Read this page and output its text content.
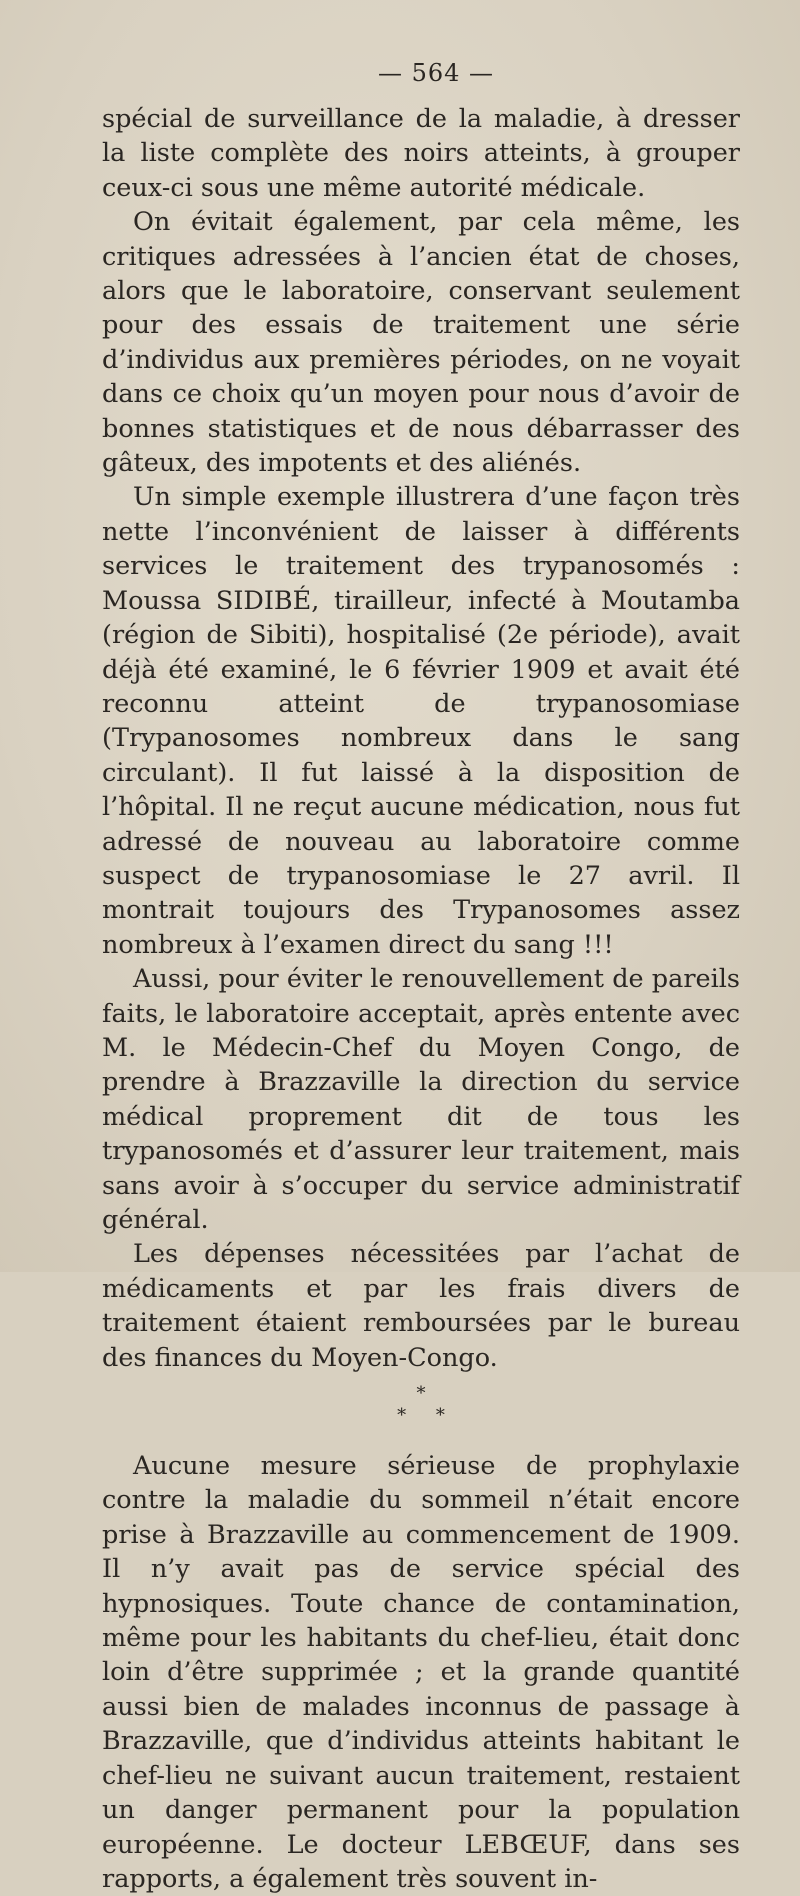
— 564 —

spécial de surveillance de la maladie, à dresser la liste complète des noirs atteints, à grouper ceux-ci sous une même autorité médicale.

On évitait également, par cela même, les critiques adressées à l’ancien état de choses, alors que le laboratoire, conservant seulement pour des essais de traitement une série d’individus aux premières périodes, on ne voyait dans ce choix qu’un moyen pour nous d’avoir de bonnes statistiques et de nous débarrasser des gâteux, des impotents et des aliénés.

Un simple exemple illustrera d’une façon très nette l’inconvénient de laisser à différents services le traitement des trypanosomés : Moussa SIDIBÉ, tirailleur, infecté à Moutamba (région de Sibiti), hospitalisé (2e période), avait déjà été examiné, le 6 février 1909 et avait été reconnu atteint de trypanosomiase (Trypanosomes nombreux dans le sang circulant). Il fut laissé à la disposition de l’hôpital. Il ne reçut aucune médication, nous fut adressé de nouveau au laboratoire comme suspect de trypanosomiase le 27 avril. Il montrait toujours des Trypanosomes assez nombreux à l’examen direct du sang !!!

Aussi, pour éviter le renouvellement de pareils faits, le laboratoire acceptait, après entente avec M. le Médecin-Chef du Moyen Congo, de prendre à Brazzaville la direction du service médical proprement dit de tous les trypanosomés et d’assurer leur traitement, mais sans avoir à s’occuper du service administratif général.

Les dépenses nécessitées par l’achat de médicaments et par les frais divers de traitement étaient remboursées par le bureau des finances du Moyen-Congo.

*
* *

Aucune mesure sérieuse de prophylaxie contre la maladie du sommeil n’était encore prise à Brazzaville au commencement de 1909. Il n’y avait pas de service spécial des hypnosiques. Toute chance de contamination, même pour les habitants du chef-lieu, était donc loin d’être supprimée ; et la grande quantité aussi bien de malades inconnus de passage à Brazzaville, que d’individus atteints habitant le chef-lieu ne suivant aucun traitement, restaient un danger permanent pour la population européenne. Le docteur LEBŒUF, dans ses rapports, a également très souvent in-
